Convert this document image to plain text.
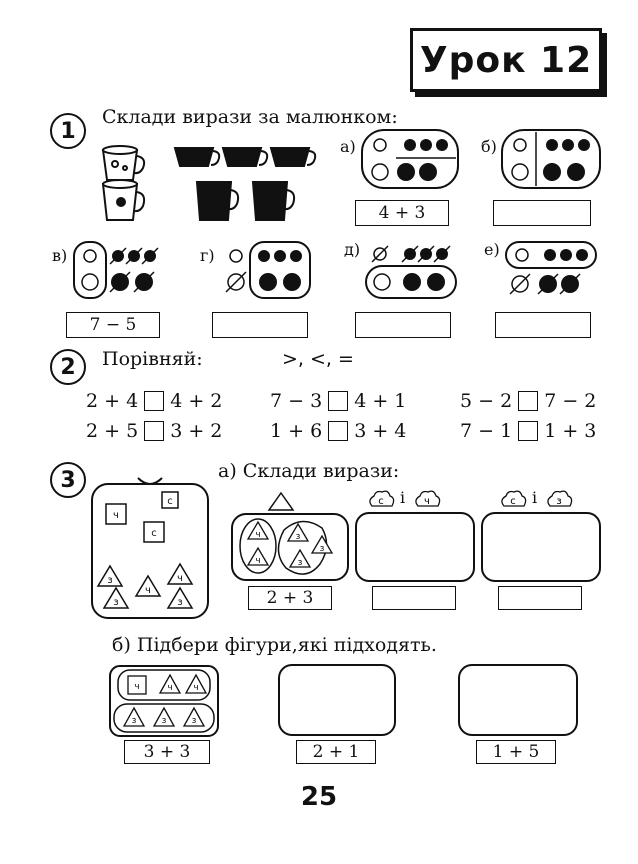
Урок 12
1
Склади вирази за малюнком:
а)
4 + 3
б)
в)
7 − 5
г)	д)	е)
2	Порівняй:	>, <, =
2 + 4 4 + 2	7 − 3 4 + 1	5 − 2 7 − 2
2 + 5 3 + 2	1 + 6 3 + 4	7 − 1 1 + 3
3	а) Склади вирази:
ч
с
с
з
ч
ч
з	з
с і ч	с і з
ч
ч
з
з
з
2 + 3
б) Підбери фігури,які підходять.
ч	ч ч
з	з	з
3 + 3	2 + 1	1 + 5
25
